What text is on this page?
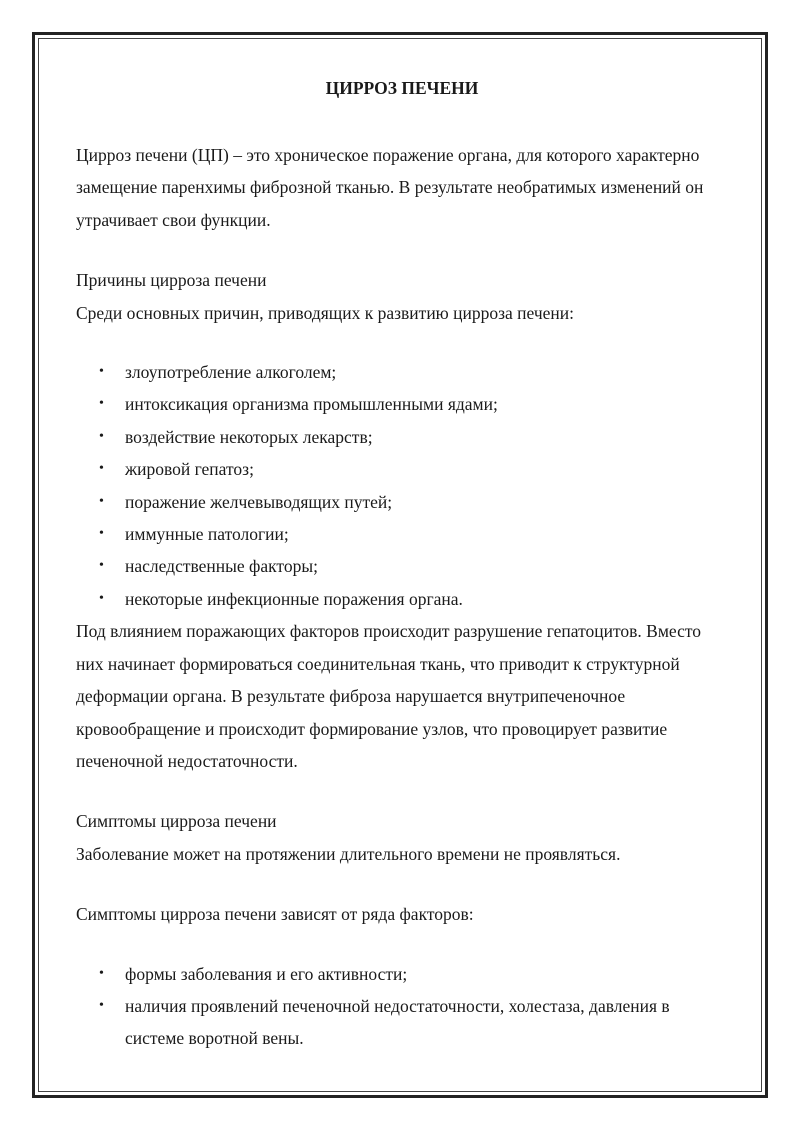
ЦИРРОЗ ПЕЧЕНИ

Цирроз печени (ЦП) – это хроническое поражение органа, для которого характерно замещение паренхимы фиброзной тканью. В результате необратимых изменений он утрачивает свои функции.

Причины цирроза печени

Среди основных причин, приводящих к развитию цирроза печени:

• злоупотребление алкоголем;
• интоксикация организма промышленными ядами;
• воздействие некоторых лекарств;
• жировой гепатоз;
• поражение желчевыводящих путей;
• иммунные патологии;
• наследственные факторы;
• некоторые инфекционные поражения органа.

Под влиянием поражающих факторов происходит разрушение гепатоцитов. Вместо них начинает формироваться соединительная ткань, что приводит к структурной деформации органа. В результате фиброза нарушается внутрипеченочное кровообращение и происходит формирование узлов, что провоцирует развитие печеночной недостаточности.

Симптомы цирроза печени

Заболевание может на протяжении длительного времени не проявляться.

Симптомы цирроза печени зависят от ряда факторов:

• формы заболевания и его активности;
• наличия проявлений печеночной недостаточности, холестаза, давления в системе воротной вены.
